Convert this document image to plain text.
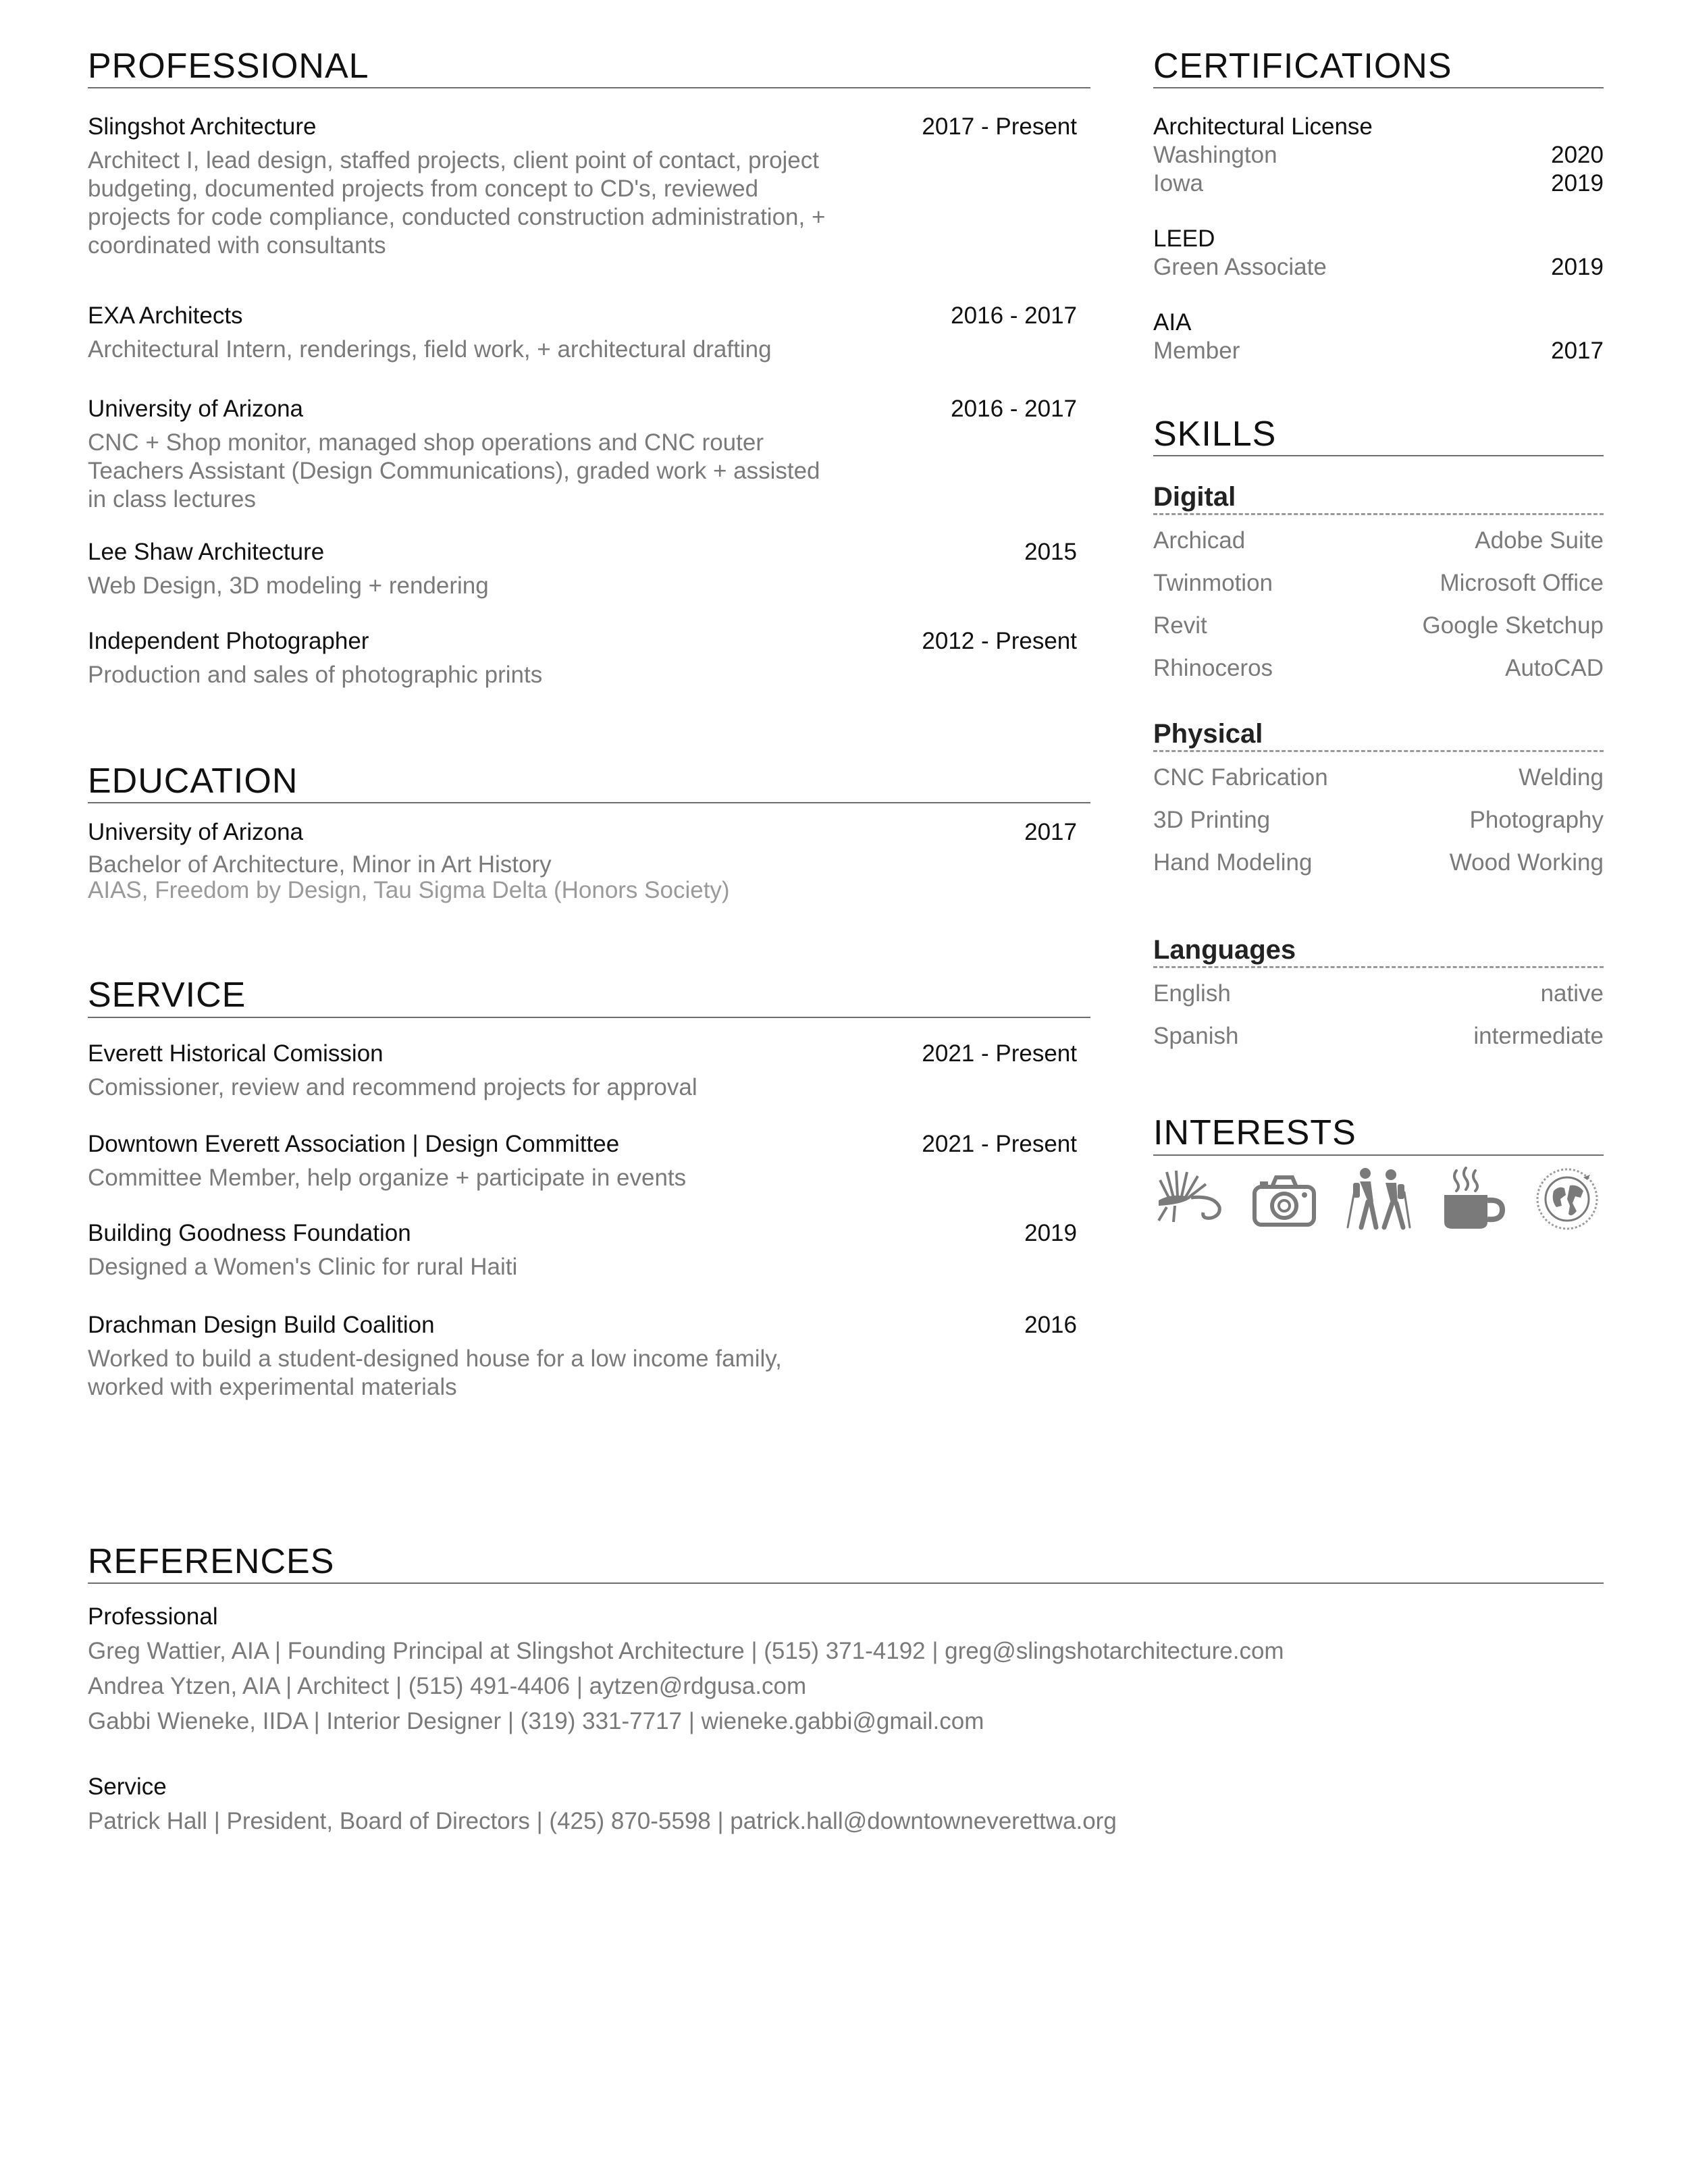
PROFESSIONAL
Slingshot Architecture	2017 - Present
Architect I, lead design, staffed projects, client point of contact, project budgeting, documented projects from concept to CD's, reviewed projects for code compliance, conducted construction administration, + coordinated with consultants
EXA Architects	2016 - 2017
Architectural Intern, renderings, field work, + architectural drafting
University of Arizona	2016 - 2017
CNC + Shop monitor, managed shop operations and CNC router Teachers Assistant (Design Communications), graded work + assisted in class lectures
Lee Shaw Architecture	2015
Web Design, 3D modeling + rendering
Independent Photographer	2012 - Present
Production and sales of photographic prints
EDUCATION
University of Arizona	2017
Bachelor of Architecture, Minor in Art History
AIAS, Freedom by Design, Tau Sigma Delta (Honors Society)
SERVICE
Everett Historical Comission	2021 - Present
Comissioner, review and recommend projects for approval
Downtown Everett Association | Design Committee	2021 - Present
Committee Member, help organize + participate in events
Building Goodness Foundation	2019
Designed a Women's Clinic for rural Haiti
Drachman Design Build Coalition	2016
Worked to build a student-designed house for a low income family, worked with experimental materials
CERTIFICATIONS
Architectural License
Washington	2020
Iowa	2019
LEED
Green Associate	2019
AIA
Member	2017
SKILLS
Digital
Archicad	Adobe Suite
Twinmotion	Microsoft Office
Revit	Google Sketchup
Rhinoceros	AutoCAD
Physical
CNC Fabrication	Welding
3D Printing	Photography
Hand Modeling	Wood Working
Languages
English	native
Spanish	intermediate
INTERESTS
REFERENCES
Professional
Greg Wattier, AIA | Founding Principal at Slingshot Architecture | (515) 371-4192 | greg@slingshotarchitecture.com
Andrea Ytzen, AIA | Architect | (515) 491-4406 | aytzen@rdgusa.com
Gabbi Wieneke, IIDA | Interior Designer | (319) 331-7717 | wieneke.gabbi@gmail.com
Service
Patrick Hall | President, Board of Directors | (425) 870-5598 | patrick.hall@downtowneverettwa.org
